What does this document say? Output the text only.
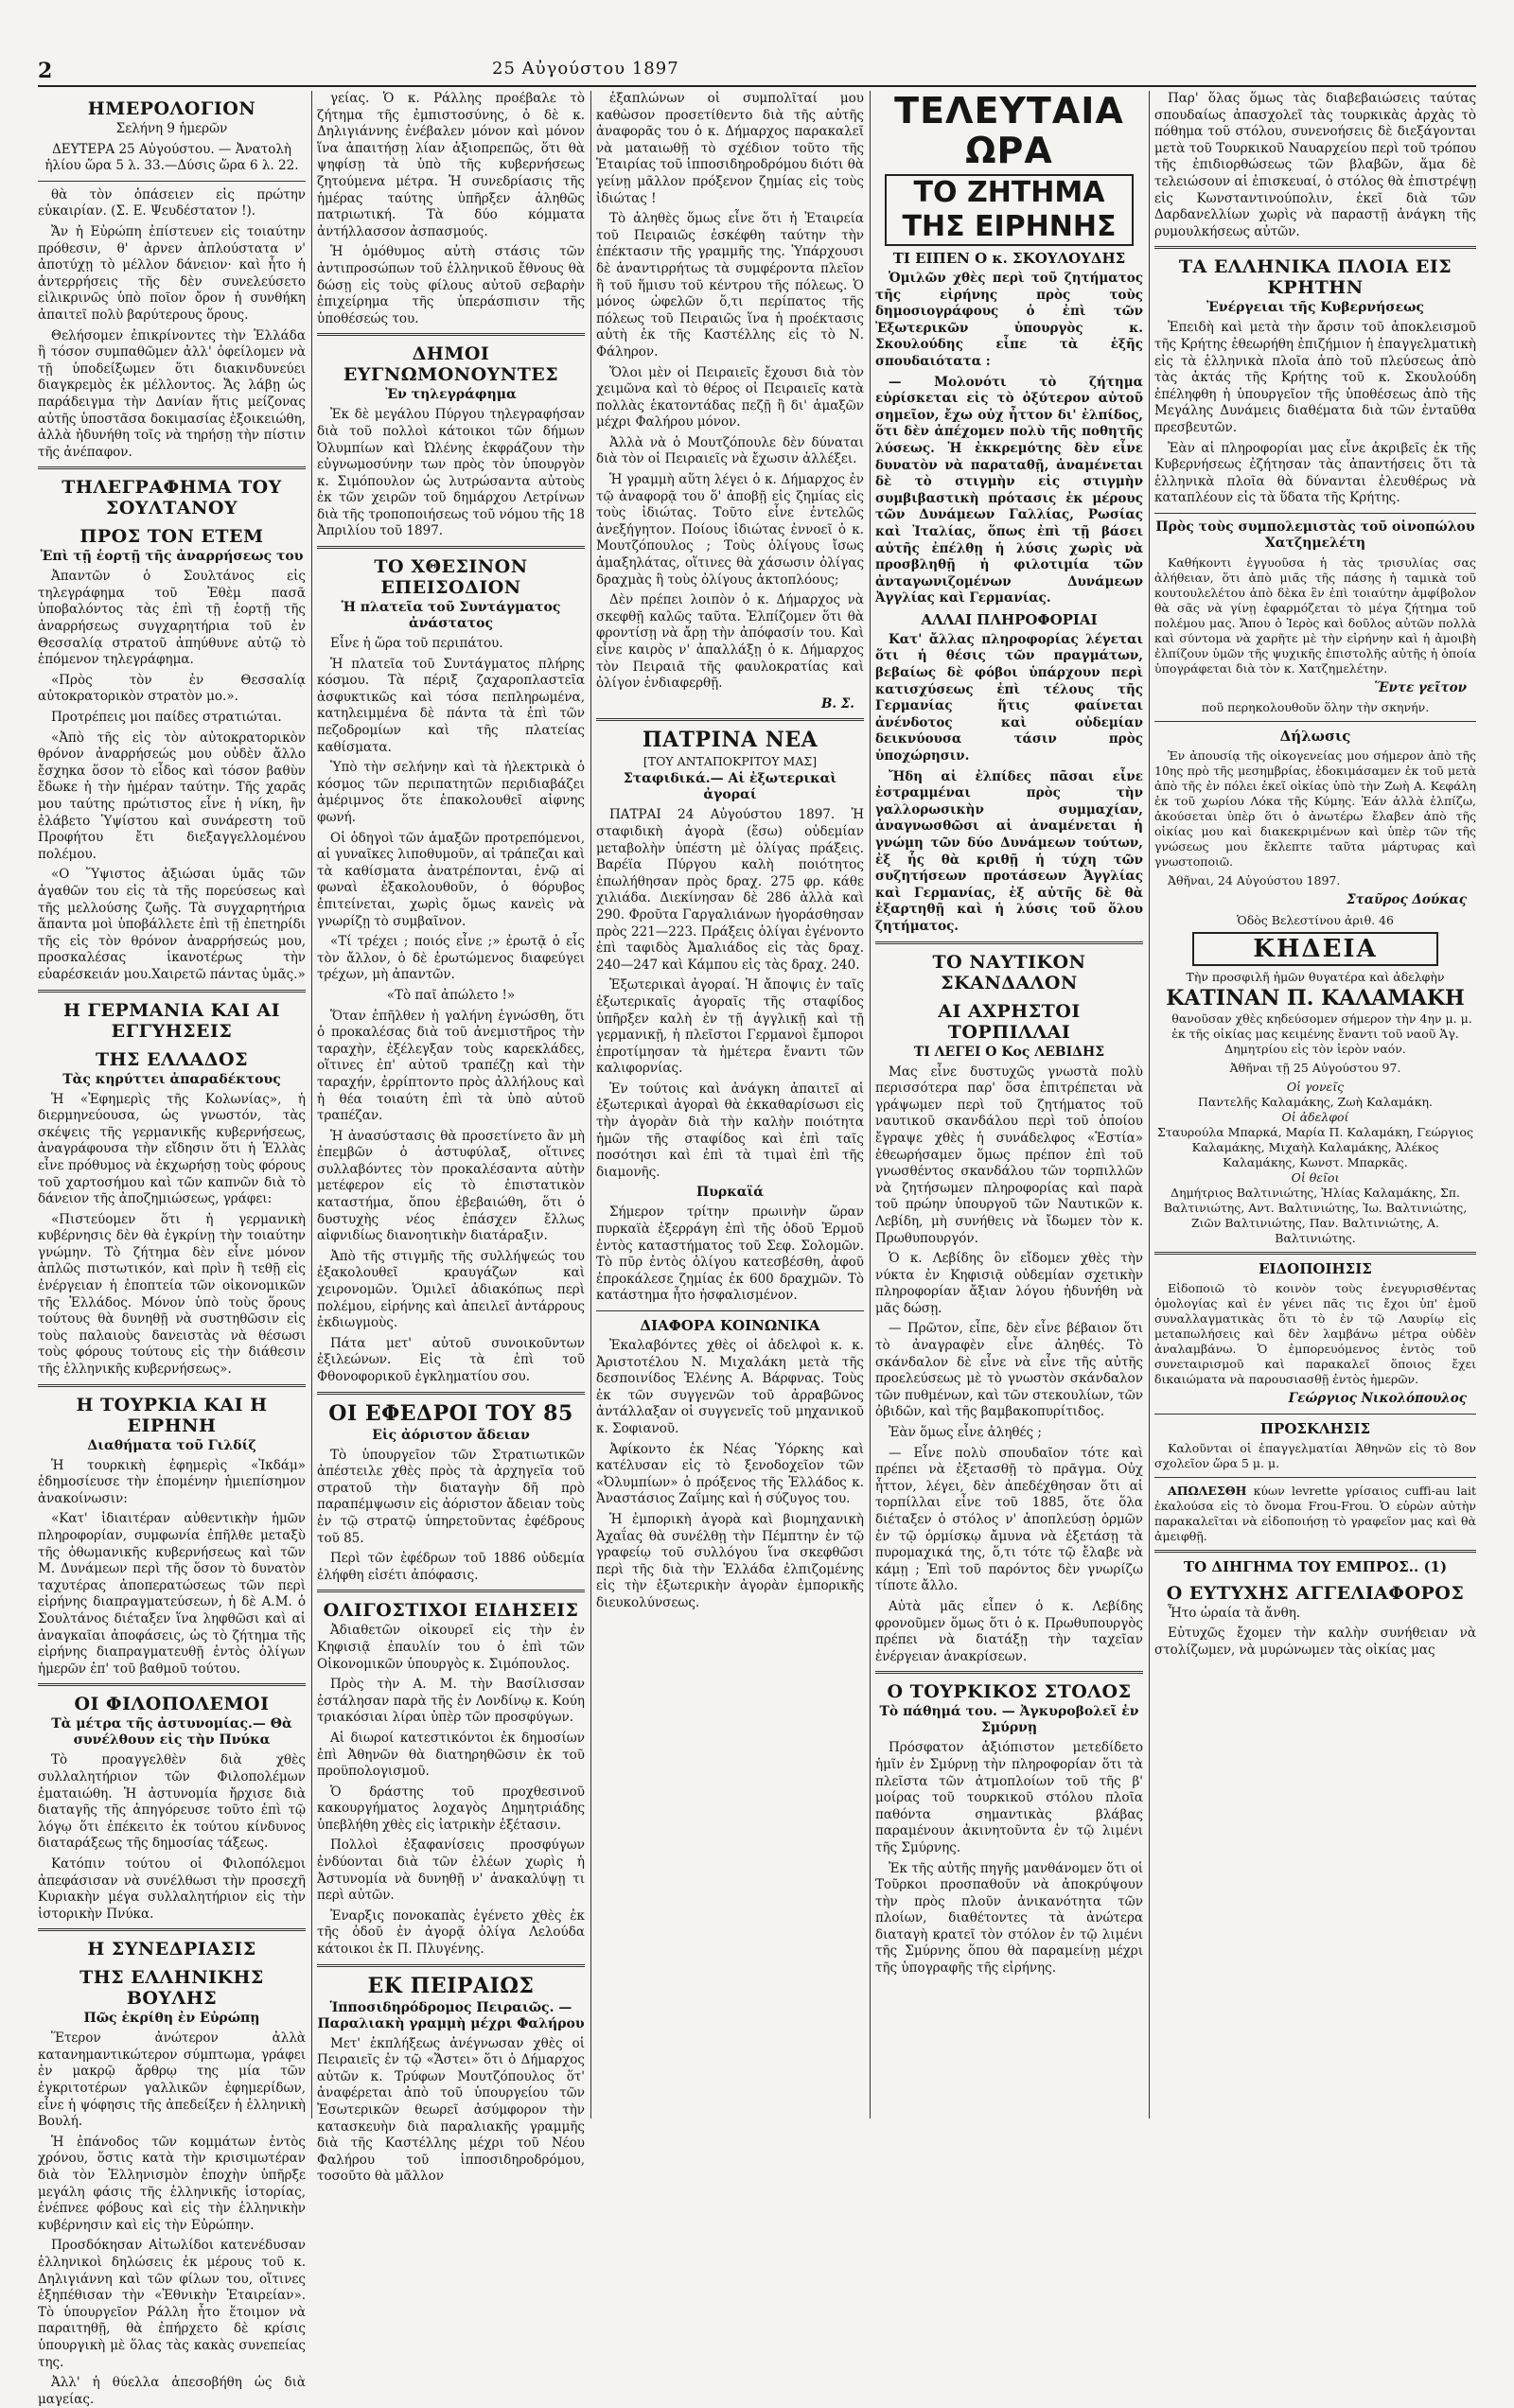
2	25 Αὐγούστου 1897
ΗΜΕΡΟΛΟΓΙΟΝ

Σελήνη 9 ἡμερῶν

ΔΕΥΤΕΡΑ 25 Αὐγούστου. — Ἀνατολὴ ἡλίου ὥρα 5 λ. 33.—Δύσις ὥρα 6 λ. 22.

θὰ τὸν ὁπάσειεν εἰς πρώτην εὐκαιρίαν. (Σ. Ε. Ψευδέστατον !).

Ἄν ἡ Εὐρώπη ἐπίστευεν εἰς τοιαύτην πρόθεσιν, θ' ἀρνεν ἀπλούστατα ν' ἀποτύχῃ τὸ μέλλον δάνειον· καὶ ἦτο ἡ ἀντερρήσεις τῆς δὲν συνελεύσετο εἰλικρινῶς ὑπὸ ποῖον ὄρον ἡ συνθήκη ἀπαιτεῖ πολὺ βαρύτερους ὅρους.

Θελήσομεν ἐπικρίνοντες τὴν Ἑλλάδα ἢ τόσον συμπαθῶμεν ἀλλ' ὀφείλομεν νὰ τῇ ὑποδείξωμεν ὅτι διακινδυνεύει διαγκρεμὸς ἐκ μέλλοντος. Ἄς λάβῃ ὡς παράδειγμα τὴν Δανίαν ἥτις μείζονας αὐτῆς ὑποστᾶσα δοκιμασίας ἐξοικειώθη, ἀλλὰ ἠδυνήθη τοῖς νὰ τηρήσῃ τὴν πίστιν τῆς ἀνέπαφον.

ΤΗΛΕΓΡΑΦΗΜΑ ΤΟΥ ΣΟΥΛΤΑΝΟΥ
ΠΡΟΣ ΤΟΝ ΕΤΕΜ
Ἐπὶ τῇ ἑορτῇ τῆς ἀναρρήσεως του

Ἀπαντῶν ὁ Σουλτάνος εἰς τηλεγράφημα τοῦ Ἐθὲμ πασᾶ ὑποβαλόντος τὰς ἐπὶ τῇ ἑορτῇ τῆς ἀναρρήσεως συγχαρητήρια τοῦ ἐν Θεσσαλίᾳ στρατοῦ ἀπηύθυνε αὐτῷ τὸ ἑπόμενον τηλεγράφημα.

«Πρὸς τὸν ἐν Θεσσαλίᾳ αὐτοκρατορικὸν στρατὸν μο.».

Προτρέπεις μοι παίδες στρατιώται.

«Ἀπὸ τῆς εἰς τὸν αὐτοκρατορικὸν θρόνον ἀναρρήσεώς μου οὐδὲν ἄλλο ἔσχηκα ὅσον τὸ εἶδος καὶ τόσον βαθὺν ἔδωκε ἡ τὴν ἡμέραν ταύτην. Τῆς χαρᾶς μου ταύτης πρώτιστος εἶνε ἡ νίκη, ἣν ἐλάβετο Ὑψίστου καὶ συνάρεστη τοῦ Προφήτου ἔτι διεξαγγελλομένου πολέμου.

«Ο Ὕψιστος ἀξιώσαι ὑμᾶς τῶν ἀγαθῶν του εἰς τὰ τῆς πορεύσεως καὶ τῆς μελλούσης ζωῆς. Τὰ συγχαρητήρια ἅπαντα μοὶ ὑποβάλλετε ἐπὶ τῇ ἐπετηρίδι τῆς εἰς τὸν θρόνον ἀναρρήσεώς μου, προσκαλέσας ἱκανοτέρως τὴν εὐαρέσκειάν μου.Χαιρετῶ πάντας ὑμᾶς.»

Η ΓΕΡΜΑΝΙΑ ΚΑΙ ΑΙ ΕΓΓΥΗΣΕΙΣ
ΤΗΣ ΕΛΛΑΔΟΣ
Τὰς κηρύττει ἀπαραδέκτους

Ἡ «Ἐφημερὶς τῆς Κολωνίας», ἡ διερμηνεύουσα, ὡς γνωστόν, τὰς σκέψεις τῆς γερμανικῆς κυβερνήσεως, ἀναγράφουσα τὴν εἴδησιν ὅτι ἡ Ἑλλὰς εἶνε πρόθυμος νὰ ἐκχωρήσῃ τοὺς φόρους τοῦ χαρτοσήμου καὶ τῶν καπνῶν διὰ τὸ δάνειον τῆς ἀποζημιώσεως, γράφει:

«Πιστεύομεν ὅτι ἡ γερμανικὴ κυβέρνησις δὲν θὰ ἐγκρίνῃ τὴν τοιαύτην γνώμην. Τὸ ζήτημα δὲν εἶνε μόνον ἀπλῶς πιστωτικόν, καὶ πρὶν ἢ τεθῇ εἰς ἐνέργειαν ἡ ἐποπτεία τῶν οἰκονομικῶν τῆς Ἑλλάδος. Μόνον ὑπὸ τοὺς ὅρους τούτους θὰ δυνηθῇ νὰ συστηθῶσιν εἰς τοὺς παλαιοὺς δανειστὰς νὰ θέσωσι τοὺς φόρους τούτους εἰς τὴν διάθεσιν τῆς ἑλληνικῆς κυβερνήσεως».

Η ΤΟΥΡΚΙΑ ΚΑΙ Η ΕΙΡΗΝΗ
Διαθήματα τοῦ Γιλδίζ

Ἡ τουρκικὴ ἐφημερὶς «Ἰκδάμ» ἐδημοσίευσε τὴν ἑπομένην ἡμιεπίσημον ἀνακοίνωσιν:

«Κατ' ἰδιαιτέραν αὐθεντικὴν ἡμῶν πληροφορίαν, συμφωνία ἐπῆλθε μεταξὺ τῆς ὀθωμανικῆς κυβερνήσεως καὶ τῶν Μ. Δυνάμεων περὶ τῆς ὅσον τὸ δυνατὸν ταχυτέρας ἀποπερατώσεως τῶν περὶ εἰρήνης διαπραγματεύσεων, ἡ δὲ Α.Μ. ὁ Σουλτάνος διέταξεν ἵνα ληφθῶσι καὶ αἱ ἀναγκαῖαι ἀποφάσεις, ὡς τὸ ζήτημα τῆς εἰρήνης διαπραγματευθῇ ἐντὸς ὀλίγων ἡμερῶν ἐπ' τοῦ βαθμοῦ τούτου.

ΟΙ ΦΙΛΟΠΟΛΕΜΟΙ
Τὰ μέτρα τῆς ἀστυνομίας.— Θὰ συνέλθουν εἰς τὴν Πνύκα

Τὸ προαγγελθὲν διὰ χθὲς συλλαλητήριον τῶν Φιλοπολέμων ἐματαιώθη. Ἡ ἀστυνομία ἤρχισε διὰ διαταγῆς τῆς ἀπηγόρευσε τοῦτο ἐπὶ τῷ λόγῳ ὅτι ἐπέκειτο ἐκ τούτου κίνδυνος διαταράξεως τῆς δημοσίας τάξεως.

Κατόπιν τούτου οἱ Φιλοπόλεμοι ἀπεφάσισαν νὰ συνέλθωσι τὴν προσεχῆ Κυριακὴν μέγα συλλαλητήριον εἰς τὴν ἱστορικὴν Πνύκα.

Η ΣΥΝΕΔΡΙΑΣΙΣ
ΤΗΣ ΕΛΛΗΝΙΚΗΣ ΒΟΥΛΗΣ
Πῶς ἐκρίθη ἐν Εὐρώπῃ

Ἕτερον ἀνώτερον ἀλλὰ κατανημαντικώτερον σύμπτωμα, γράφει ἐν μακρῷ ἄρθρῳ της μία τῶν ἐγκριτοτέρων γαλλικῶν ἐφημερίδων, εἶνε ἡ ψόφησις τῆς ἀπεδείξεν ἡ ἑλληνικὴ Βουλή.

Ἡ ἐπάνοδος τῶν κομμάτων ἐντὸς χρόνου, ὅστις κατὰ τὴν κρισιμωτέραν διὰ τὸν Ἑλληνισμὸν ἐποχὴν ὑπῆρξε μεγάλη φάσις τῆς ἑλληνικῆς ἱστορίας, ἐνέπνεε φόβους καὶ εἰς τὴν ἑλληνικὴν κυβέρνησιν καὶ εἰς τὴν Εὐρώπην.

Προσδόκησαν Αἰτωλίδοι κατενέδυσαν ἑλληνικοὶ δηλώσεις ἐκ μέρους τοῦ κ. Δηλιγιάννη καὶ τῶν φίλων του, οἵτινες ἐξηπέθισαν τὴν «Ἐθνικὴν Ἑταιρείαν». Τὸ ὑπουργεῖον Ράλλη ἦτο ἕτοιμον νὰ παραιτηθῇ, θὰ ἐπήρχετο δὲ κρίσις ὑπουργικὴ μὲ ὅλας τὰς κακὰς συνεπείας της.

Ἀλλ' ἡ θύελλα ἀπεσοβήθη ὡς διὰ μαγείας.

γείας. Ὁ κ. Ράλλης προέβαλε τὸ ζήτημα τῆς ἐμπιστοσύνης, ὁ δὲ κ. Δηλιγιάννης ἐνέβαλεν μόνον καὶ μόνον ἵνα ἀπαιτήσῃ λίαν ἀξιοπρεπῶς, ὅτι θὰ ψηφίσῃ τὰ ὑπὸ τῆς κυβερνήσεως ζητούμενα μέτρα. Ἡ συνεδρίασις τῆς ἡμέρας ταύτης ὑπῆρξεν ἀληθῶς πατριωτική. Τὰ δύο κόμματα ἀντήλλασσον ἀσπασμούς.

Ἡ ὁμόθυμος αὐτὴ στάσις τῶν ἀντιπροσώπων τοῦ ἑλληνικοῦ ἔθνους θὰ δώσῃ εἰς τοὺς φίλους αὐτοῦ σεβαρὴν ἐπιχείρημα τῆς ὑπεράσπισιν τῆς ὑποθέσεώς του.

ΔΗΜΟΙ ΕΥΓΝΩΜΟΝΟΥΝΤΕΣ
Ἐν τηλεγράφημα

Ἐκ δὲ μεγάλου Πύργου τηλεγραφήσαν διὰ τοῦ πολλοὶ κάτοικοι τῶν δήμων Ὀλυμπίων καὶ Ὠλένης ἐκφράζουν τὴν εὐγνωμοσύνην των πρὸς τὸν ὑπουργὸν κ. Σιμόπουλον ὡς λυτρώσαντα αὐτοὺς ἐκ τῶν χειρῶν τοῦ δημάρχου Λετρίνων διὰ τῆς τροποποιήσεως τοῦ νόμου τῆς 18 Ἀπριλίου τοῦ 1897.

ΤΟ ΧΘΕΣΙΝΟΝ ΕΠΕΙΣΟΔΙΟΝ
Ἡ πλατεῖα τοῦ Συντάγματος ἀνάστατος

Εἶνε ἡ ὥρα τοῦ περιπάτου.

Ἡ πλατεῖα τοῦ Συντάγματος πλήρης κόσμου. Τὰ πέριξ ζαχαροπλαστεῖα ἀσφυκτικῶς καὶ τόσα πεπληρωμένα, κατηλειμμένα δὲ πάντα τὰ ἐπὶ τῶν πεζοδρομίων καὶ τῆς πλατείας καθίσματα.

Ὑπὸ τὴν σελήνην καὶ τὰ ἠλεκτρικὰ ὁ κόσμος τῶν περιπατητῶν περιδιαβάζει ἀμέριμνος ὅτε ἐπακολουθεῖ αἰφνης φωνή.

Οἱ ὁδηγοὶ τῶν ἁμαξῶν προτρεπόμενοι, αἱ γυναῖκες λιποθυμοῦν, αἱ τράπεζαι καὶ τὰ καθίσματα ἀνατρέπονται, ἐνῷ αἱ φωναὶ ἐξακολουθοῦν, ὁ θόρυβος ἐπιτείνεται, χωρὶς ὅμως κανεὶς νὰ γνωρίζῃ τὸ συμβαῖνον.

«Τί τρέχει ; ποιός εἶνε ;» ἐρωτᾷ ὁ εἷς τὸν ἄλλον, ὁ δὲ ἐρωτώμενος διαφεύγει τρέχων, μὴ ἀπαντῶν.

«Τὸ παῖ ἀπώλετο !»

Ὅταν ἐπῆλθεν ἡ γαλήνη ἐγνώσθη, ὅτι ὁ προκαλέσας διὰ τοῦ ἀνεμιστῆρος τὴν ταραχὴν, ἐξέλεγξαν τοὺς καρεκλάδες, οἵτινες ἐπ' αὐτοῦ τραπέζῃ καὶ τὴν ταραχήν, ἐρρίπτοντο πρὸς ἀλλήλους καὶ ἡ θέα τοιαύτη ἐπὶ τὰ ὑπὸ αὐτοῦ τραπέζαν.

Ἡ ἀνασύστασις θὰ προσετίνετο ἂν μὴ ἐπεμβῶν ὁ ἀστυφύλαξ, οἵτινες συλλαβόντες τὸν προκαλέσαντα αὐτὴν μετέφερον εἰς τὸ ἐπιστατικὸν καταστήμα, ὅπου ἐβεβαιώθη, ὅτι ὁ δυστυχὴς νέος ἐπάσχεν ἔλλως αἰφνιδίως διανοητικὴν διατάραξιν.

Ἀπὸ τῆς στιγμῆς τῆς συλλήψεώς του ἐξακολουθεῖ κραυγάζων καὶ χειρονομῶν. Ὁμιλεῖ ἀδιακόπως περὶ πολέμου, εἰρήνης καὶ ἀπειλεῖ ἀντάρρους ἐκδιωγμοὺς.

Πάτα μετ' αὐτοῦ συνοικοῦντων ἐξιλεώνων. Εἰς τὰ ἐπὶ τοῦ Φθονοφορικοῦ ἐγκληματίου σου.

ΟΙ ΕΦΕΔΡΟΙ ΤΟΥ 85
Εἰς ἀόριστον ἄδειαν

Τὸ ὑπουργεῖον τῶν Στρατιωτικῶν ἀπέστειλε χθὲς πρὸς τὰ ἀρχηγεῖα τοῦ στρατοῦ τὴν διαταγὴν δῆ πρὸ παραπέμψωσιν εἰς ἀόριστον ἄδειαν τοὺς ἐν τῷ στρατῷ ὑπηρετοῦντας ἐφέδρους τοῦ 85.

Περὶ τῶν ἐφέδρων τοῦ 1886 οὐδεμία ἐλήφθη εἰσέτι ἀπόφασις.

ΟΛΙΓΟΣΤΙΧΟΙ ΕΙΔΗΣΕΙΣ

Ἀδιαθετῶν οἰκουρεῖ εἰς τὴν ἐν Κηφισιᾷ ἐπαυλίν του ὁ ἐπὶ τῶν Οἰκονομικῶν ὑπουργὸς κ. Σιμόπουλος.

Πρὸς τὴν Α. Μ. τὴν Βασίλισσαν ἐστάλησαν παρὰ τῆς ἐν Λονδίνῳ κ. Κούη τριακόσιαι λίραι ὑπὲρ τῶν προσφύγων.

Αἱ διωροί κατεστικόντοι ἐκ δημοσίων ἐπὶ Ἀθηνῶν θὰ διατηρηθῶσιν ἐκ τοῦ προϋπολογισμοῦ.

Ὁ δράστης τοῦ προχθεσινοῦ κακουργήματος λοχαγὸς Δημητριάδης ὑπεβλήθη χθὲς εἰς ἰατρικὴν ἐξέτασιν.

Πολλοὶ ἐξαφανίσεις προσφύγων ἐνδύονται διὰ τῶν ἐλέων χωρὶς ἡ Ἀστυνομία νὰ δυνηθῇ ν' ἀνακαλύψῃ τι περὶ αὐτῶν.

Ἐναρξις πονοκαπὰς ἐγένετο χθὲς ἐκ τῆς ὁδοῦ ἐν ἀγορᾷ ὀλίγα Λελούδα κάτοικοι ἐκ Π. Πλυγένης.

ΕΚ ΠΕΙΡΑΙΩΣ
Ἱπποσιδηρόδρομος Πειραιῶς. —Παραλιακὴ γραμμὴ μέχρι Φαλήρου

Μετ' ἐκπλήξεως ἀνέγνωσαν χθὲς οἱ Πειραιεῖς ἐν τῷ «Ἄστει» ὅτι ὁ Δήμαρχος αὐτῶν κ. Τρύφων Μουτζόπουλος ὅτ' ἀναφέρεται ἀπὸ τοῦ ὑπουργείου τῶν Ἐσωτερικῶν θεωρεῖ ἀσύμφορον τὴν κατασκευὴν διὰ παραλιακῆς γραμμῆς διὰ τῆς Καστέλλης μέχρι τοῦ Νέου Φαλήρου τοῦ ἱπποσιδηροδρόμου, τοσοῦτο θὰ μᾶλλον

ἐξαπλώνων οἱ συμπολῖταί μου καθὼσον προσετίθεντο διὰ τῆς αὐτῆς ἀναφορᾶς του ὁ κ. Δήμαρχος παρακαλεῖ νὰ ματαιωθῇ τὸ σχέδιον τοῦτο τῆς Ἑταιρίας τοῦ ἱπποσιδηροδρόμου διότι θὰ γείνῃ μᾶλλον πρόξενον ζημίας εἰς τοὺς ἰδιώτας !

Τὸ ἀληθὲς ὅμως εἶνε ὅτι ἡ Ἑταιρεία τοῦ Πειραιῶς ἐσκέφθη ταύτην τὴν ἐπέκτασιν τῆς γραμμῆς της. Ὑπάρχουσι δὲ ἀναντιρρήτως τὰ συμφέροντα πλεῖον ἢ τοῦ ἥμισυ τοῦ κέντρου τῆς πόλεως. Ὁ μόνος ὠφελῶν ὅ,τι περίπατος τῆς πόλεως τοῦ Πειραιῶς ἵνα ἡ προέκτασις αὐτὴ ἐκ τῆς Καστέλλης εἰς τὸ Ν. Φάληρον.

Ὅλοι μὲν οἱ Πειραιεῖς ἔχουσι διὰ τὸν χειμῶνα καὶ τὸ θέρος οἱ Πειραιεῖς κατὰ πολλὰς ἑκατοντάδας πεζῇ ἢ δι' ἁμαξῶν μέχρι Φαλήρου μόνον.

Ἀλλὰ νὰ ὁ Μουτζόπουλε δὲν δύναται διὰ τὸν οἱ Πειραιεῖς νὰ ἔχωσιν ἀλλέξει.

Ἡ γραμμὴ αὕτη λέγει ὁ κ. Δήμαρχος ἐν τῷ ἀναφορᾷ του ὅ' ἀποβῇ εἰς ζημίας εἰς τοὺς ἰδιώτας. Τοῦτο εἶνε ἐντελῶς ἀνεξήγητον. Ποίους ἰδιώτας ἐννοεῖ ὁ κ. Μουτζόπουλος ; Τοὺς ὀλίγους ἴσως ἁμαξηλάτας, οἵτινες θὰ χάσωσιν ὀλίγας δραχμὰς ἢ τοὺς ὀλίγους ἀκτοπλόους;

Δὲν πρέπει λοιπὸν ὁ κ. Δήμαρχος νὰ σκεφθῇ καλῶς ταῦτα. Ἐλπίζομεν ὅτι θὰ φροντίσῃ νὰ ἄρῃ τὴν ἀπόφασίν του. Καὶ εἶνε καιρὸς ν' ἀπαλλάξῃ ὁ κ. Δήμαρχος τὸν Πειραιᾶ τῆς φαυλοκρατίας καὶ ὀλίγον ἐνδιαφερθῇ.

Β. Σ.
ΠΑΤΡΙΝΑ ΝΕΑ
[ΤΟΥ ΑΝΤΑΠΟΚΡΙΤΟΥ ΜΑΣ]
Σταφιδικά.— Αἱ ἐξωτερικαὶ ἀγοραί

ΠΑΤΡΑΙ 24 Αὐγούστου 1897. Ἡ σταφιδικὴ ἀγορὰ (ἔσω) οὐδεμίαν μεταβολὴν ὑπέστη μὲ ὀλίγας πράξεις. Βαρέϊα Πύργου καλὴ ποιότητος ἐπωλήθησαν πρὸς δραχ. 275 φρ. κάθε χιλιάδα. Διεκίνησαν δὲ 286 ἀλλὰ καὶ 290. Φροῦτα Γαργαλιάνων ἠγοράσθησαν πρὸς 221—223. Πράξεις ὀλίγαι ἐγένοντο ἐπὶ ταφιδὸς Ἀμαλιάδος εἰς τὰς δραχ. 240—247 καὶ Κάμπου εἰς τὰς δραχ. 240.

Ἐξωτερικαὶ ἀγοραί. Ἡ ἄποψις ἐν ταῖς ἐξωτερικαῖς ἀγοραῖς τῆς σταφίδος ὑπῆρξεν καλὴ ἐν τῇ ἀγγλικῇ καὶ τῇ γερμανικῇ, ἡ πλεῖστοι Γερμανοὶ ἔμποροι ἐπροτίμησαν τὰ ἡμέτερα ἔναντι τῶν καλιφορνίας.

Ἐν τούτοις καὶ ἀνάγκη ἀπαιτεῖ αἱ ἐξωτερικαὶ ἀγοραὶ θὰ ἐκκαθαρίσωσι εἰς τὴν ἀγορὰν διὰ τὴν καλὴν ποιότητα ἡμῶν τῆς σταφίδος καὶ ἐπὶ ταῖς ποσότησι καὶ ἐπὶ τὰ τιμαὶ ἐπὶ τῆς διαμονῆς.

Πυρκαϊά

Σήμερον τρίτην πρωινὴν ὥραν πυρκαϊὰ ἐξερράγη ἐπὶ τῆς ὁδοῦ Ἑρμοῦ ἐντὸς καταστήματος τοῦ Σεφ. Σολομῶν. Τὸ πῦρ ἐντὸς ὀλίγου κατεσβέσθη, ἀφοῦ ἐπροκάλεσε ζημίας ἐκ 600 δραχμῶν. Τὸ κατάστημα ἦτο ἠσφαλισμένον.

ΔΙΑΦΟΡΑ ΚΟΙΝΩΝΙΚΑ

Ἐκαλαβόντες χθὲς οἱ ἀδελφοὶ κ. κ. Ἀριστοτέλου Ν. Μιχαλάκη μετὰ τῆς δεσποινίδος Ἑλένης Α. Βάρφνας. Τοὺς ἐκ τῶν συγγενῶν τοῦ ἀρραβῶνος ἀντάλλαξαν οἱ συγγενεῖς τοῦ μηχανικοῦ κ. Σοφιανοῦ.

Ἀφίκοντο ἐκ Νέας Ὑόρκης καὶ κατέλυσαν εἰς τὸ ξενοδοχεῖον τῶν «Ὀλυμπίων» ὁ πρόξενος τῆς Ἑλλάδος κ. Ἀναστάσιος Ζαΐμης καὶ ἡ σύζυγος του.

Ἡ ἐμπορικὴ ἀγορὰ καὶ βιομηχανικὴ Ἀχαΐας θὰ συνέλθῃ τὴν Πέμπτην ἐν τῷ γραφείῳ τοῦ συλλόγου ἵνα σκεφθῶσι περὶ τῆς διὰ τὴν Ἑλλάδα ἐλπιζομένης εἰς τὴν ἐξωτερικὴν ἀγορὰν ἐμπορικῆς διευκολύνσεως.

ΤΕΛΕΥΤΑΙΑ ΩΡΑ
ΤΟ ΖΗΤΗΜΑ ΤΗΣ ΕΙΡΗΝΗΣ
ΤΙ ΕΙΠΕΝ Ο κ. ΣΚΟΥΛΟΥΔΗΣ

Ὁμιλῶν χθὲς περὶ τοῦ ζητήματος τῆς εἰρήνης πρὸς τοὺς δημοσιογράφους ὁ ἐπὶ τῶν Ἐξωτερικῶν ὑπουργὸς κ. Σκουλούδης εἶπε τὰ ἑξῆς σπουδαιότατα :

— Μολονότι τὸ ζήτημα εὑρίσκεται εἰς τὸ ὀξύτερον αὐτοῦ σημεῖον, ἔχω οὐχ ἧττον δι' ἐλπίδος, ὅτι δὲν ἀπέχομεν πολὺ τῆς ποθητῆς λύσεως. Ἡ ἐκκρεμότης δὲν εἶνε δυνατὸν νὰ παραταθῇ, ἀναμένεται δὲ τὸ στιγμὴν εἰς στιγμὴν συμβιβαστικὴ πρότασις ἐκ μέρους τῶν Δυνάμεων Γαλλίας, Ρωσίας καὶ Ἰταλίας, ὅπως ἐπὶ τῇ βάσει αὐτῆς ἐπέλθῃ ἡ λύσις χωρὶς νὰ προσβληθῇ ἡ φιλοτιμία τῶν ἀνταγωνιζομένων Δυνάμεων Ἀγγλίας καὶ Γερμανίας.

ΑΛΛΑΙ ΠΛΗΡΟΦΟΡΙΑΙ

Κατ' ἄλλας πληροφορίας λέγεται ὅτι ἡ θέσις τῶν πραγμάτων, βεβαίως δὲ φόβοι ὑπάρχουν περὶ κατισχύσεως ἐπὶ τέλους τῆς Γερμανίας ἥτις φαίνεται ἀνένδοτος καὶ οὐδεμίαν δεικνύουσα τάσιν πρὸς ὑποχώρησιν.

Ἤδη αἱ ἐλπίδες πᾶσαι εἶνε ἐστραμμέναι πρὸς τὴν γαλλορωσικὴν συμμαχίαν, ἀναγνωσθῶσι αἱ ἀναμένεται ἡ γνώμη τῶν δύο Δυνάμεων τούτων, ἐξ ἧς θὰ κριθῇ ἡ τύχη τῶν συζητήσεων προτάσεων Ἀγγλίας καὶ Γερμανίας, ἐξ αὐτῆς δὲ θὰ ἐξαρτηθῇ καὶ ἡ λύσις τοῦ ὅλου ζητήματος.

ΤΟ ΝΑΥΤΙΚΟΝ ΣΚΑΝΔΑΛΟΝ
ΑΙ ΑΧΡΗΣΤΟΙ ΤΟΡΠΙΛΛΑΙ
ΤΙ ΛΕΓΕΙ Ο Κος ΛΕΒΙΔΗΣ

Μας εἶνε δυστυχῶς γνωστὰ πολὺ περισσότερα παρ' ὅσα ἐπιτρέπεται νὰ γράψωμεν περὶ τοῦ ζητήματος τοῦ ναυτικοῦ σκανδάλου περὶ τοῦ ὁποίου ἔγραψε χθὲς ἡ συνάδελφος «Ἑστία» ἐθεωρήσαμεν ὅμως πρέπον ἐπὶ τοῦ γνωσθέντος σκανδάλου τῶν τορπιλλῶν νὰ ζητήσωμεν πληροφορίας καὶ παρὰ τοῦ πρώην ὑπουργοῦ τῶν Ναυτικῶν κ. Λεβίδη, μὴ συνήθεις νὰ ἴδωμεν τὸν κ. Πρωθυπουργόν.

Ὁ κ. Λεβίδης ὃν εἴδομεν χθὲς τὴν νύκτα ἐν Κηφισιᾷ οὐδεμίαν σχετικὴν πληροφορίαν ἄξιαν λόγου ἠδυνήθη νὰ μᾶς δώσῃ.

— Πρῶτον, εἶπε, δὲν εἶνε βέβαιον ὅτι τὸ ἀναγραφὲν εἶνε ἀληθές. Τὸ σκάνδαλον δὲ εἶνε νὰ εἶνε τῆς αὐτῆς προελεύσεως μὲ τὸ γνωστὸν σκάνδαλον τῶν πυθμένων, καὶ τῶν στεκουλίων, τῶν ὀβιδῶν, καὶ τῆς βαμβακοπυρίτιδος.

Ἐὰν ὅμως εἶνε ἀληθές ;

— Εἶνε πολὺ σπουδαῖον τότε καὶ πρέπει νὰ ἐξετασθῇ τὸ πρᾶγμα. Οὐχ ἧττον, λέγει, δὲν ἀπεδέχθησαν ὅτι αἱ τορπίλλαι εἶνε τοῦ 1885, ὅτε ὅλα διέταξεν ὁ στόλος ν' ἀποπλεύσῃ ὁρμῶν ἐν τῷ ὁρμίσκῳ ἄμυνα νὰ ἐξετάσῃ τὰ πυρομαχικά της, ὅ,τι τότε τῷ ἔλαβε νὰ κάμῃ ; Ἐπὶ τοῦ παρόντος δὲν γνωρίζω τίποτε ἄλλο.

Αὐτὰ μᾶς εἶπεν ὁ κ. Λεβίδης φρονοῦμεν ὅμως ὅτι ὁ κ. Πρωθυπουργὸς πρέπει νὰ διατάξῃ τὴν ταχεῖαν ἐνέργειαν ἀνακρίσεων.

Ο ΤΟΥΡΚΙΚΟΣ ΣΤΟΛΟΣ
Τὸ πάθημά του. — Ἀγκυροβολεῖ ἐν Σμύρνῃ

Πρόσφατον ἀξιόπιστον μετεδίδετο ἡμῖν ἐν Σμύρνῃ τὴν πληροφορίαν ὅτι τὰ πλεῖστα τῶν ἀτμοπλοίων τοῦ τῆς β' μοίρας τοῦ τουρκικοῦ στόλου πλοῖα παθόντα σημαντικὰς βλάβας παραμένουν ἀκινητοῦντα ἐν τῷ λιμένι τῆς Σμύρνης.

Ἐκ τῆς αὐτῆς πηγῆς μανθάνομεν ὅτι οἱ Τοῦρκοι προσπαθοῦν νὰ ἀποκρύψουν τὴν πρὸς πλοῦν ἀνικανότητα τῶν πλοίων, διαθέτοντες τὰ ἀνώτερα διαταγὴ κρατεῖ τὸν στόλον ἐν τῷ λιμένι τῆς Σμύρνης ὅπου θὰ παραμείνῃ μέχρι τῆς ὑπογραφῆς τῆς εἰρήνης.

Παρ' ὅλας ὅμως τὰς διαβεβαιώσεις ταύτας σπουδαίως ἀπασχολεῖ τὰς τουρκικὰς ἀρχὰς τὸ πόθημα τοῦ στόλου, συνενοήσεις δὲ διεξάγονται μετὰ τοῦ Τουρκικοῦ Ναυαρχείου περὶ τοῦ τρόπου τῆς ἐπιδιορθώσεως τῶν βλαβῶν, ἅμα δὲ τελειώσουν αἱ ἐπισκευαί, ὁ στόλος θὰ ἐπιστρέψῃ εἰς Κωνσταντινούπολιν, ἐκεῖ διὰ τῶν Δαρδανελλίων χωρὶς νὰ παραστῇ ἀνάγκη τῆς ρυμουλκήσεως αὐτῶν.

ΤΑ ΕΛΛΗΝΙΚΑ ΠΛΟΙΑ ΕΙΣ ΚΡΗΤΗΝ
Ἐνέργειαι τῆς Κυβερνήσεως

Ἐπειδὴ καὶ μετὰ τὴν ἄρσιν τοῦ ἀποκλεισμοῦ τῆς Κρήτης ἐθεωρήθη ἐπιζήμιον ἡ ἐπαγγελματικὴ εἰς τὰ ἑλληνικὰ πλοῖα ἀπὸ τοῦ πλεύσεως ἀπὸ τὰς ἀκτάς τῆς Κρήτης τοῦ κ. Σκουλούδη ἐπέληφθη ἡ ὑπουργεῖον τῆς ὑποθέσεως ἀπὸ τῆς Μεγάλης Δυνάμεις διαθέματα διὰ τῶν ἐνταῦθα πρεσβευτῶν.

Ἐὰν αἱ πληροφορίαι μας εἶνε ἀκριβεῖς ἐκ τῆς Κυβερνήσεως ἐζήτησαν τὰς ἀπαντήσεις ὅτι τὰ ἑλληνικὰ πλοῖα θὰ δύνανται ἐλευθέρως νὰ καταπλέουν εἰς τὰ ὕδατα τῆς Κρήτης.

Πρὸς τοὺς συμπολεμιστὰς τοῦ οἰνοπώλου Χατζημελέτη

Καθήκοντι ἐγγυοῦσα ἡ τὰς τρισυλίας σας ἀλήθειαν, ὅτι ἀπὸ μιᾶς τῆς πάσης ἡ ταμικὰ τοῦ κουτουλελέτου ἀπὸ δὲκα ἓν ἐπὶ τοιαύτην ἀμφίβολον θὰ σᾶς νὰ γίνῃ ἐφαρμόζεται τὸ μέγα ζήτημα τοῦ πολέμου μας. Ἄπου ὁ Ἱερὸς καὶ δοῦλος αὐτῶν πολλὰ καὶ σύντομα νὰ χαρῆτε μὲ τὴν εἰρήνην καὶ ἡ ἀμοιβὴ ἐλπίζουν ὑμῶν τῆς ψυχικῆς ἐπιστολῆς αὐτῆς ἡ ὁποία ὑπογράφεται διὰ τὸν κ. Χατζημελέτην.

Ἕντε γεῖτον
ποῦ περηκολουθοῦν ὅλην τὴν σκηνήν.
Δήλωσις

Ἐν ἀπουσίᾳ τῆς οἰκογενείας μου σήμερον ἀπὸ τῆς 10ης πρὸ τῆς μεσημβρίας, ἐδοκιμάσαμεν ἐκ τοῦ μετὰ ἀπὸ τῆς ἐν πόλει ἐκεῖ οἰκίας ὑπὸ τὴν Ζωὴ Α. Κεφάλη ἐκ τοῦ χωρίου Λόκα τῆς Κύμης. Ἐάν ἀλλὰ ἐλπίζω, ἀκούσεται ὑπὲρ ὅτι ὁ ἀνωτέρω ἔλαβεν ἀπὸ τῆς οἰκίας μου καὶ διακεκριμένων καὶ ὑπὲρ τῶν τῆς γνώσεως μου ἔκλεπτε ταῦτα μάρτυρας καὶ γνωστοποιῶ.

Ἀθῆναι, 24 Αὐγούστου 1897.

Σταῦρος Δούκας
Ὁδὸς Βελεστίνου ἀριθ. 46
ΚΗΔΕΙΑ
Τὴν προσφιλῆ ἡμῶν θυγατέρα καὶ ἀδελφὴν
ΚΑΤΙΝΑΝ Π. ΚΑΛΑΜΑΚΗ

θανοῦσαν χθὲς κηδεύσομεν σήμερον τὴν 4ην μ. μ. ἐκ τῆς οἰκίας μας κειμένης ἔναντι τοῦ ναοῦ Ἁγ. Δημητρίου εἰς τὸν ἱερὸν ναόν.

Ἀθῆναι τῇ 25 Αὐγούστου 97.

Οἱ γονεῖς
Παντελῆς Καλαμάκης, Ζωὴ Καλαμάκη.
Οἱ ἀδελφοί
Σταυρούλα Μπαρκά, Μαρία Π. Καλαμάκη, Γεώργιος Καλαμάκης, Μιχαὴλ Καλαμάκης, Ἀλέκος Καλαμάκης, Κωνστ. Μπαρκᾶς.
Οἱ θεῖοι
Δημήτριος Βαλτινιώτης, Ἠλίας Καλαμάκης, Σπ. Βαλτινιώτης, Αντ. Βαλτινιώτης, Ἰω. Βαλτινιώτης, Ζιῶν Βαλτινιώτης, Παν. Βαλτινιώτης, Α. Βαλτινιώτης.
ΕΙΔΟΠΟΙΗΣΙΣ

Εἰδοποιῶ τὸ κοινὸν τοὺς ἐνεγυρισθέντας ὁμολογίας καὶ ἐν γένει πᾶς τις ἔχοι ὑπ' ἐμοῦ συναλλαγματικὰς ὅτι τὸ ἐν τῷ Λαυρίῳ εἰς μεταπωλήσεις καὶ δὲν λαμβάνω μέτρα οὐδὲν ἀναλαμβάνω. Ὁ ἐμπορευόμενος ἐντὸς τοῦ συνεταιρισμοῦ καὶ παρακαλεῖ ὅποιος ἔχει δικαιώματα νὰ παρουσιασθῇ ἐντὸς ἡμερῶν.

Γεώργιος Νικολόπουλος
ΠΡΟΣΚΛΗΣΙΣ

Καλοῦνται οἱ ἐπαγγελματίαι Ἀθηνῶν εἰς τὸ 8ον σχολεῖον ὥρα 5 μ. μ.

ΑΠΩΛΕΣΘΗ κύων levrette γρίσαιος cuffi-au lait ἐκαλούσα εἰς τὸ ὄνομα Frou-Frou. Ὁ εὑρὼν αὐτὴν παρακαλεῖται νὰ εἰδοποιήσῃ τὸ γραφεῖον μας καὶ θὰ ἀμειφθῇ.

ΤΟ ΔΙΗΓΗΜΑ ΤΟΥ ΕΜΠΡΟΣ.. (1)
Ο ΕΥΤΥΧΗΣ ΑΓΓΕΛΙΑΦΟΡΟΣ

Ἦτο ὡραία τὰ ἄνθη.

Εὐτυχῶς ἔχομεν τὴν καλὴν συνήθειαν νὰ στολίζωμεν, νὰ μυρώνωμεν τὰς οἰκίας μας
